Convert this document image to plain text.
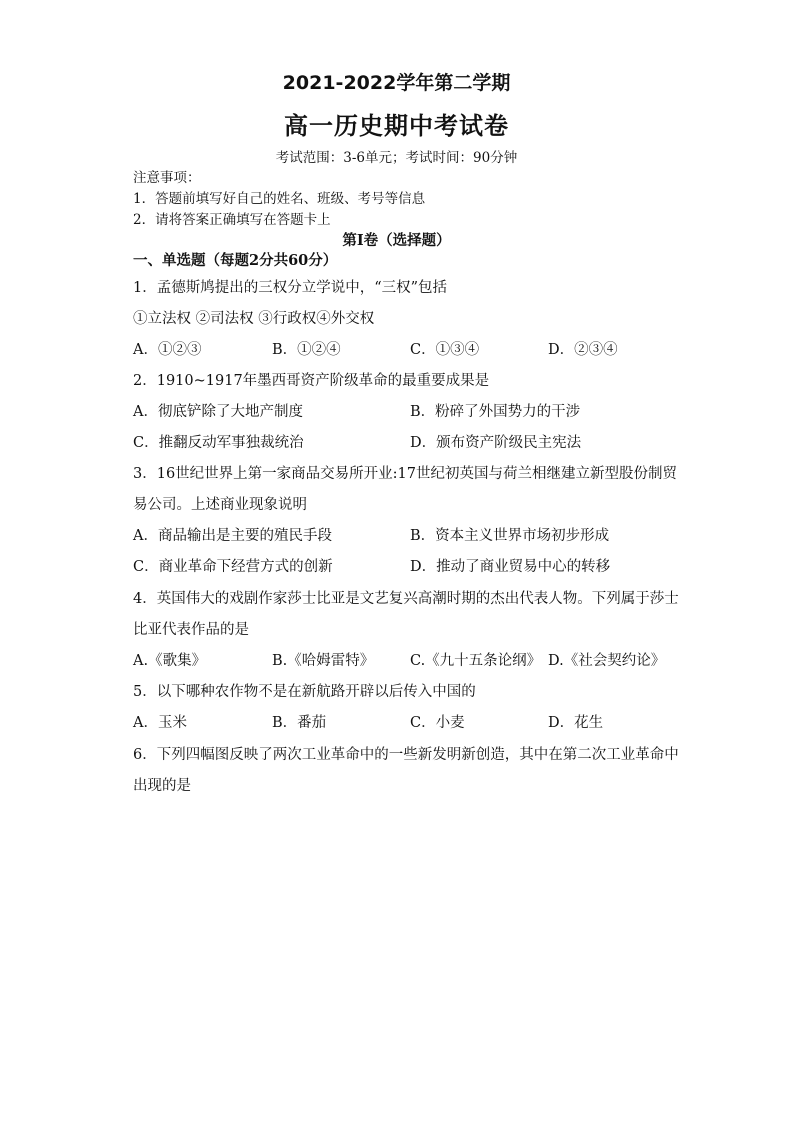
2021-2022学年第二学期
高一历史期中考试卷
考试范围：3-6单元；考试时间：90分钟
注意事项：
1．答题前填写好自己的姓名、班级、考号等信息
2．请将答案正确填写在答题卡上
第I卷（选择题）
一、单选题（每题2分共60分）
1．孟德斯鸠提出的三权分立学说中，“三权”包括
①立法权 ②司法权 ③行政权④外交权
A．①②③	B．①②④	C．①③④	D．②③④
2．1910~1917年墨西哥资产阶级革命的最重要成果是
A．彻底铲除了大地产制度	B．粉碎了外国势力的干涉
C．推翻反动军事独裁统治	D．颁布资产阶级民主宪法
3．16世纪世界上第一家商品交易所开业:17世纪初英国与荷兰相继建立新型股份制贸
易公司。上述商业现象说明
A．商品输出是主要的殖民手段	B．资本主义世界市场初步形成
C．商业革命下经营方式的创新	D．推动了商业贸易中心的转移
4．英国伟大的戏剧作家莎士比亚是文艺复兴高潮时期的杰出代表人物。下列属于莎士
比亚代表作品的是
A.《歌集》	B.《哈姆雷特》 C.《九十五条论纲》 D.《社会契约论》
5．以下哪种农作物不是在新航路开辟以后传入中国的
A．玉米	B．番茄	C．小麦	D．花生
6．下列四幅图反映了两次工业革命中的一些新发明新创造，其中在第二次工业革命中
出现的是
